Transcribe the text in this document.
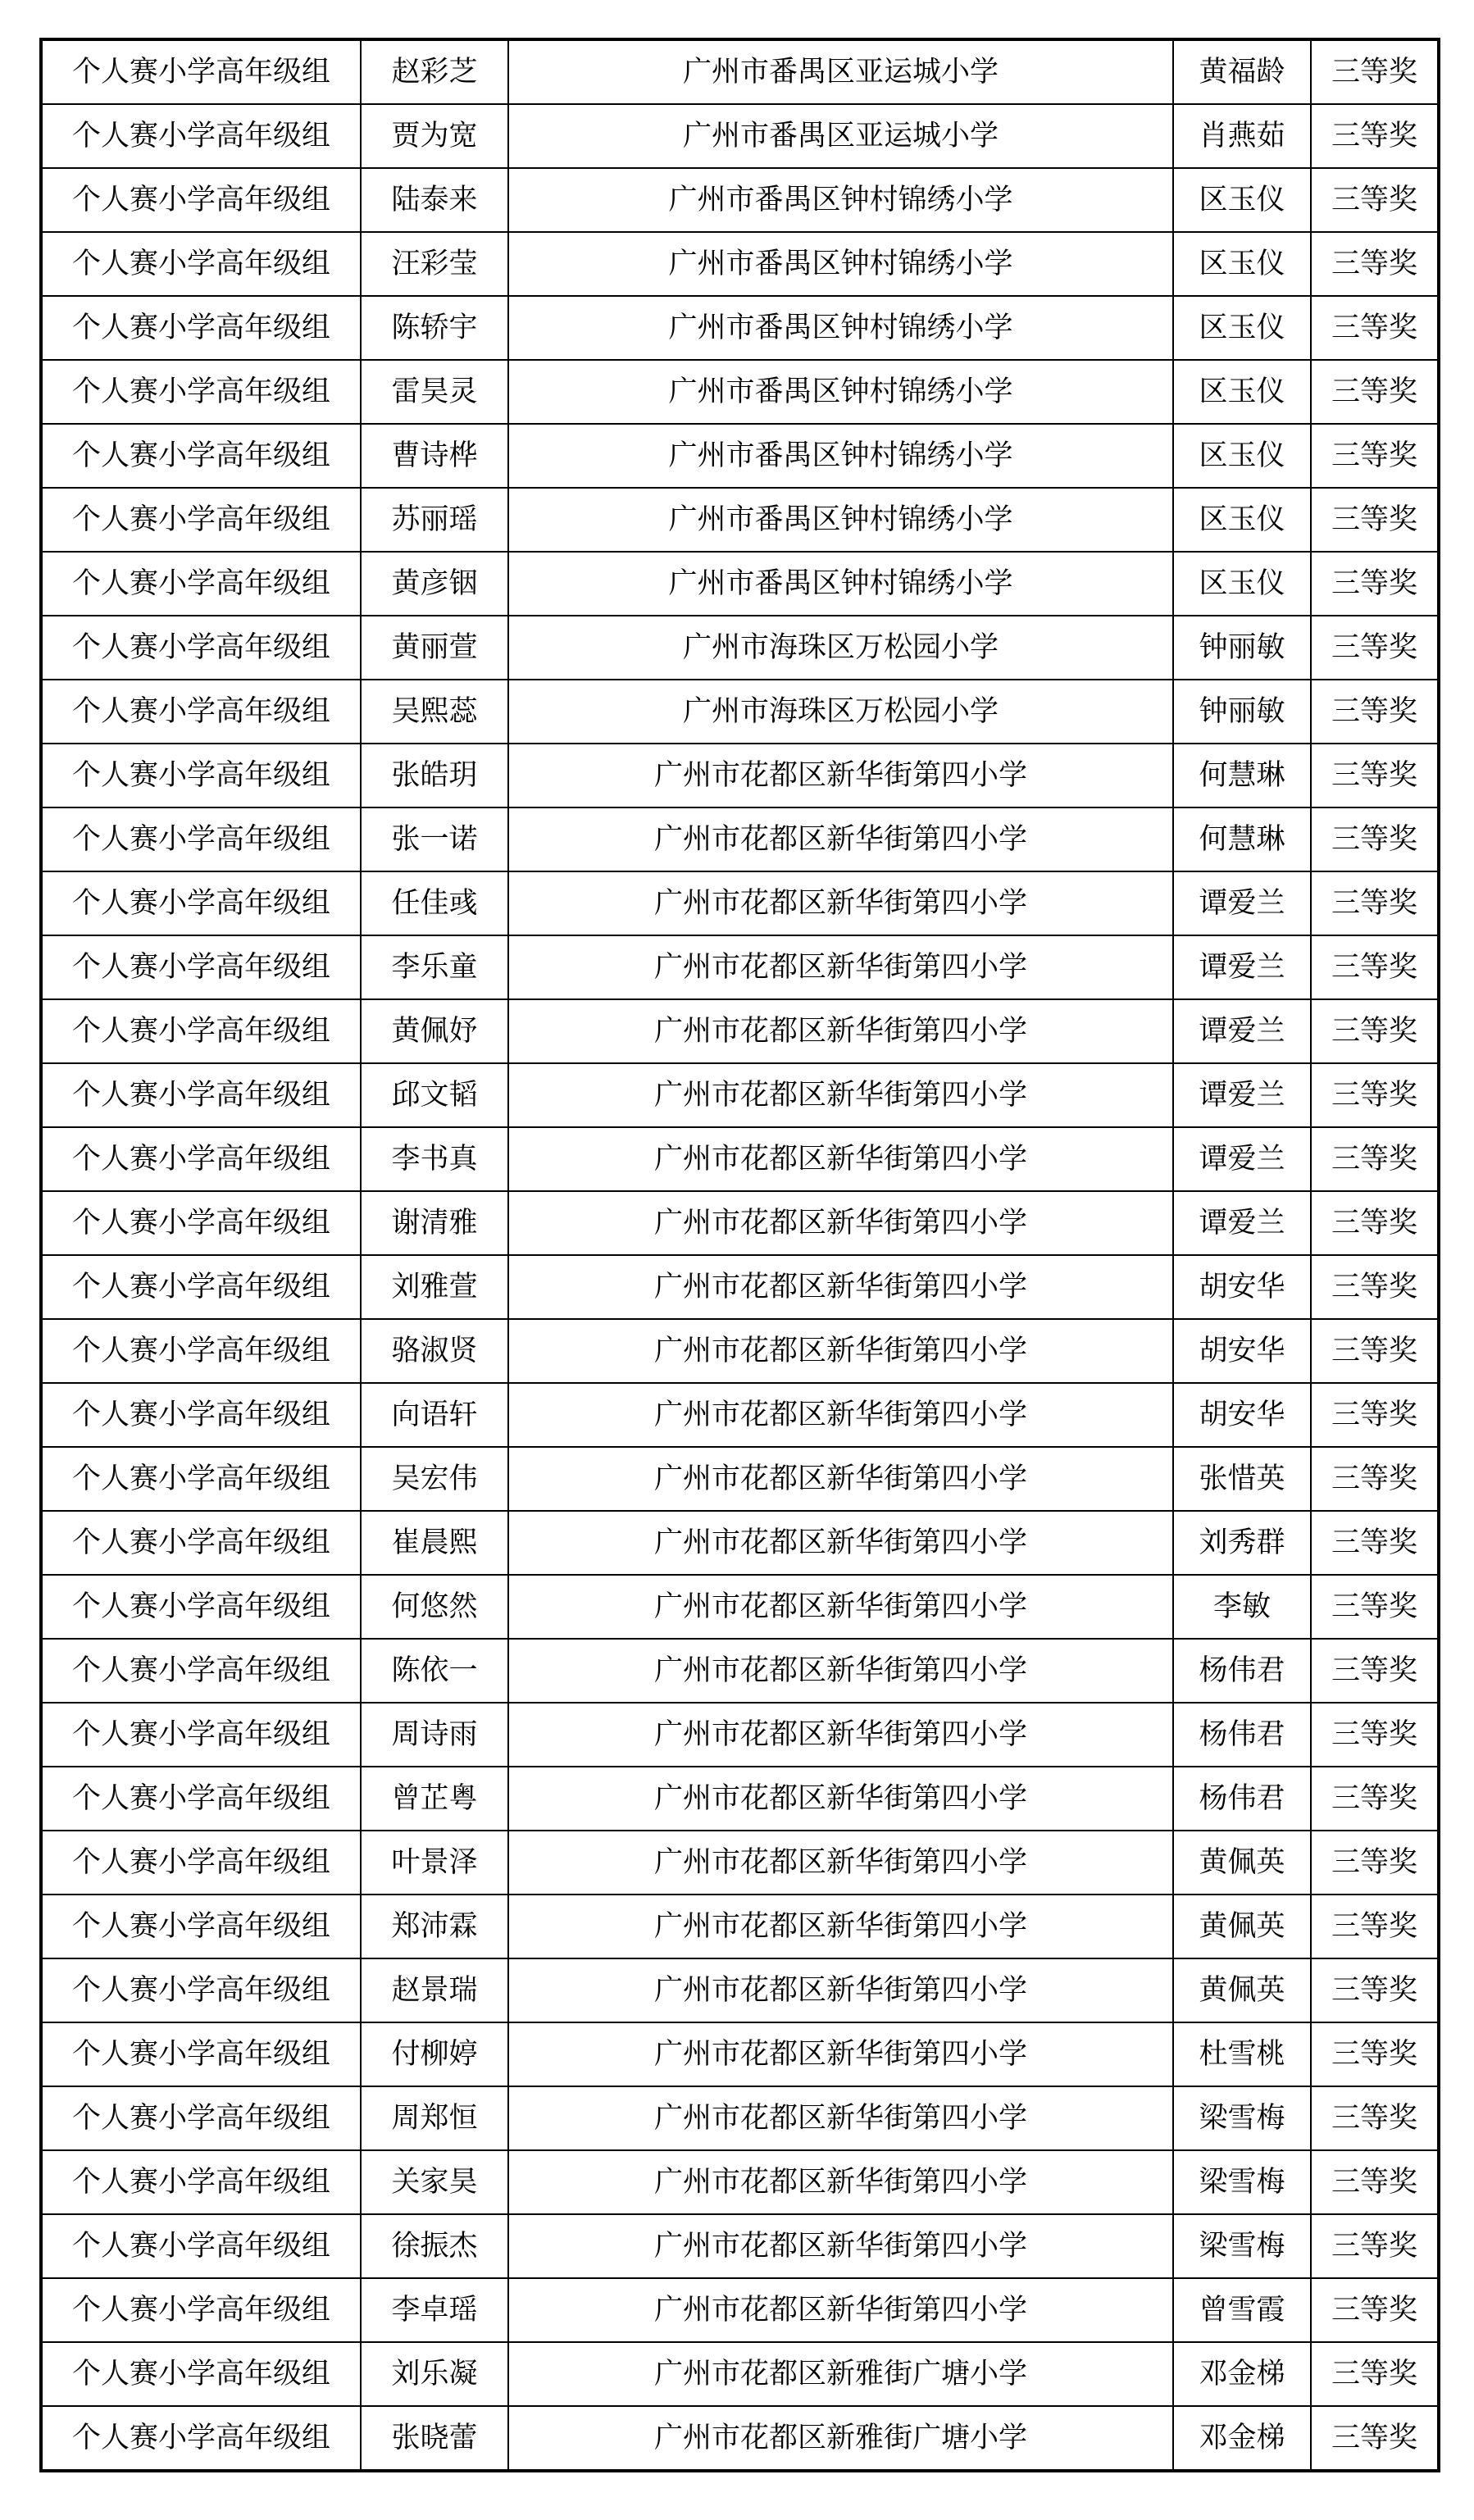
个人赛小学高年级组	赵彩芝	广州市番禺区亚运城小学	黄福龄	三等奖
个人赛小学高年级组	贾为宽	广州市番禺区亚运城小学	肖燕茹	三等奖
个人赛小学高年级组	陆泰来	广州市番禺区钟村锦绣小学	区玉仪	三等奖
个人赛小学高年级组	汪彩莹	广州市番禺区钟村锦绣小学	区玉仪	三等奖
个人赛小学高年级组	陈轿宇	广州市番禺区钟村锦绣小学	区玉仪	三等奖
个人赛小学高年级组	雷昊灵	广州市番禺区钟村锦绣小学	区玉仪	三等奖
个人赛小学高年级组	曹诗桦	广州市番禺区钟村锦绣小学	区玉仪	三等奖
个人赛小学高年级组	苏丽瑶	广州市番禺区钟村锦绣小学	区玉仪	三等奖
个人赛小学高年级组	黄彦铟	广州市番禺区钟村锦绣小学	区玉仪	三等奖
个人赛小学高年级组	黄丽萱	广州市海珠区万松园小学	钟丽敏	三等奖
个人赛小学高年级组	吴熙蕊	广州市海珠区万松园小学	钟丽敏	三等奖
个人赛小学高年级组	张皓玥	广州市花都区新华街第四小学	何慧琳	三等奖
个人赛小学高年级组	张一诺	广州市花都区新华街第四小学	何慧琳	三等奖
个人赛小学高年级组	任佳彧	广州市花都区新华街第四小学	谭爱兰	三等奖
个人赛小学高年级组	李乐童	广州市花都区新华街第四小学	谭爱兰	三等奖
个人赛小学高年级组	黄佩妤	广州市花都区新华街第四小学	谭爱兰	三等奖
个人赛小学高年级组	邱文韬	广州市花都区新华街第四小学	谭爱兰	三等奖
个人赛小学高年级组	李书真	广州市花都区新华街第四小学	谭爱兰	三等奖
个人赛小学高年级组	谢清雅	广州市花都区新华街第四小学	谭爱兰	三等奖
个人赛小学高年级组	刘雅萱	广州市花都区新华街第四小学	胡安华	三等奖
个人赛小学高年级组	骆淑贤	广州市花都区新华街第四小学	胡安华	三等奖
个人赛小学高年级组	向语轩	广州市花都区新华街第四小学	胡安华	三等奖
个人赛小学高年级组	吴宏伟	广州市花都区新华街第四小学	张惜英	三等奖
个人赛小学高年级组	崔晨熙	广州市花都区新华街第四小学	刘秀群	三等奖
个人赛小学高年级组	何悠然	广州市花都区新华街第四小学	李敏	三等奖
个人赛小学高年级组	陈依一	广州市花都区新华街第四小学	杨伟君	三等奖
个人赛小学高年级组	周诗雨	广州市花都区新华街第四小学	杨伟君	三等奖
个人赛小学高年级组	曾芷粤	广州市花都区新华街第四小学	杨伟君	三等奖
个人赛小学高年级组	叶景泽	广州市花都区新华街第四小学	黄佩英	三等奖
个人赛小学高年级组	郑沛霖	广州市花都区新华街第四小学	黄佩英	三等奖
个人赛小学高年级组	赵景瑞	广州市花都区新华街第四小学	黄佩英	三等奖
个人赛小学高年级组	付柳婷	广州市花都区新华街第四小学	杜雪桃	三等奖
个人赛小学高年级组	周郑恒	广州市花都区新华街第四小学	梁雪梅	三等奖
个人赛小学高年级组	关家昊	广州市花都区新华街第四小学	梁雪梅	三等奖
个人赛小学高年级组	徐振杰	广州市花都区新华街第四小学	梁雪梅	三等奖
个人赛小学高年级组	李卓瑶	广州市花都区新华街第四小学	曾雪霞	三等奖
个人赛小学高年级组	刘乐凝	广州市花都区新雅街广塘小学	邓金梯	三等奖
个人赛小学高年级组	张晓蕾	广州市花都区新雅街广塘小学	邓金梯	三等奖
